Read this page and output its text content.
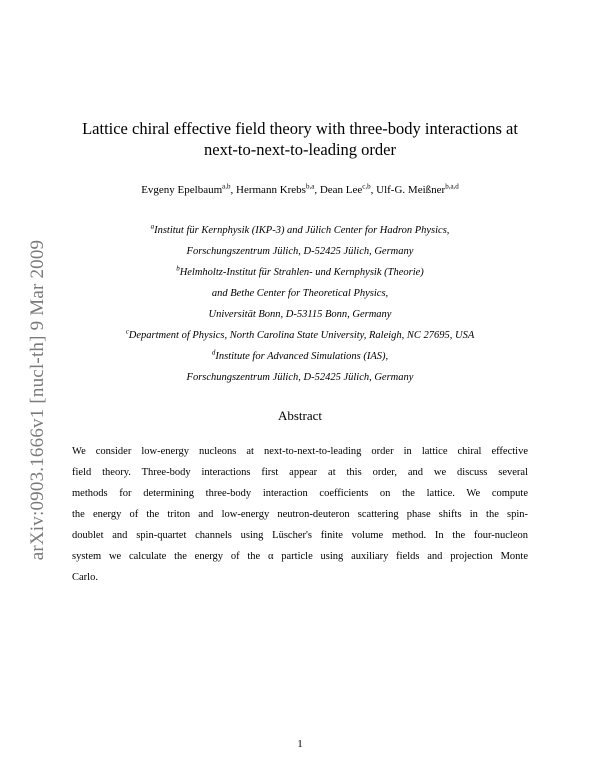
arXiv:0903.1666v1 [nucl-th] 9 Mar 2009
Lattice chiral effective field theory with three-body interactions at
next-to-next-to-leading order
Evgeny Epelbaum$^{a,b}$, Hermann Krebs$^{b,a}$, Dean Lee$^{c,b}$, Ulf-G. Meißner$^{b,a,d}$
$^a$Institut für Kernphysik (IKP-3) and Jülich Center for Hadron Physics,
Forschungszentrum Jülich, D-52425 Jülich, Germany
$^b$Helmholtz-Institut für Strahlen- und Kernphysik (Theorie)
and Bethe Center for Theoretical Physics,
Universität Bonn, D-53115 Bonn, Germany
$^c$Department of Physics, North Carolina State University, Raleigh, NC 27695, USA
$^d$Institute for Advanced Simulations (IAS),
Forschungszentrum Jülich, D-52425 Jülich, Germany
Abstract
We consider low-energy nucleons at next-to-next-to-leading order in lattice chiral effective
field theory. Three-body interactions first appear at this order, and we discuss several
methods for determining three-body interaction coefficients on the lattice. We compute
the energy of the triton and low-energy neutron-deuteron scattering phase shifts in the spin-
doublet and spin-quartet channels using Lüscher's finite volume method. In the four-nucleon
system we calculate the energy of the α particle using auxiliary fields and projection Monte
Carlo.
1
